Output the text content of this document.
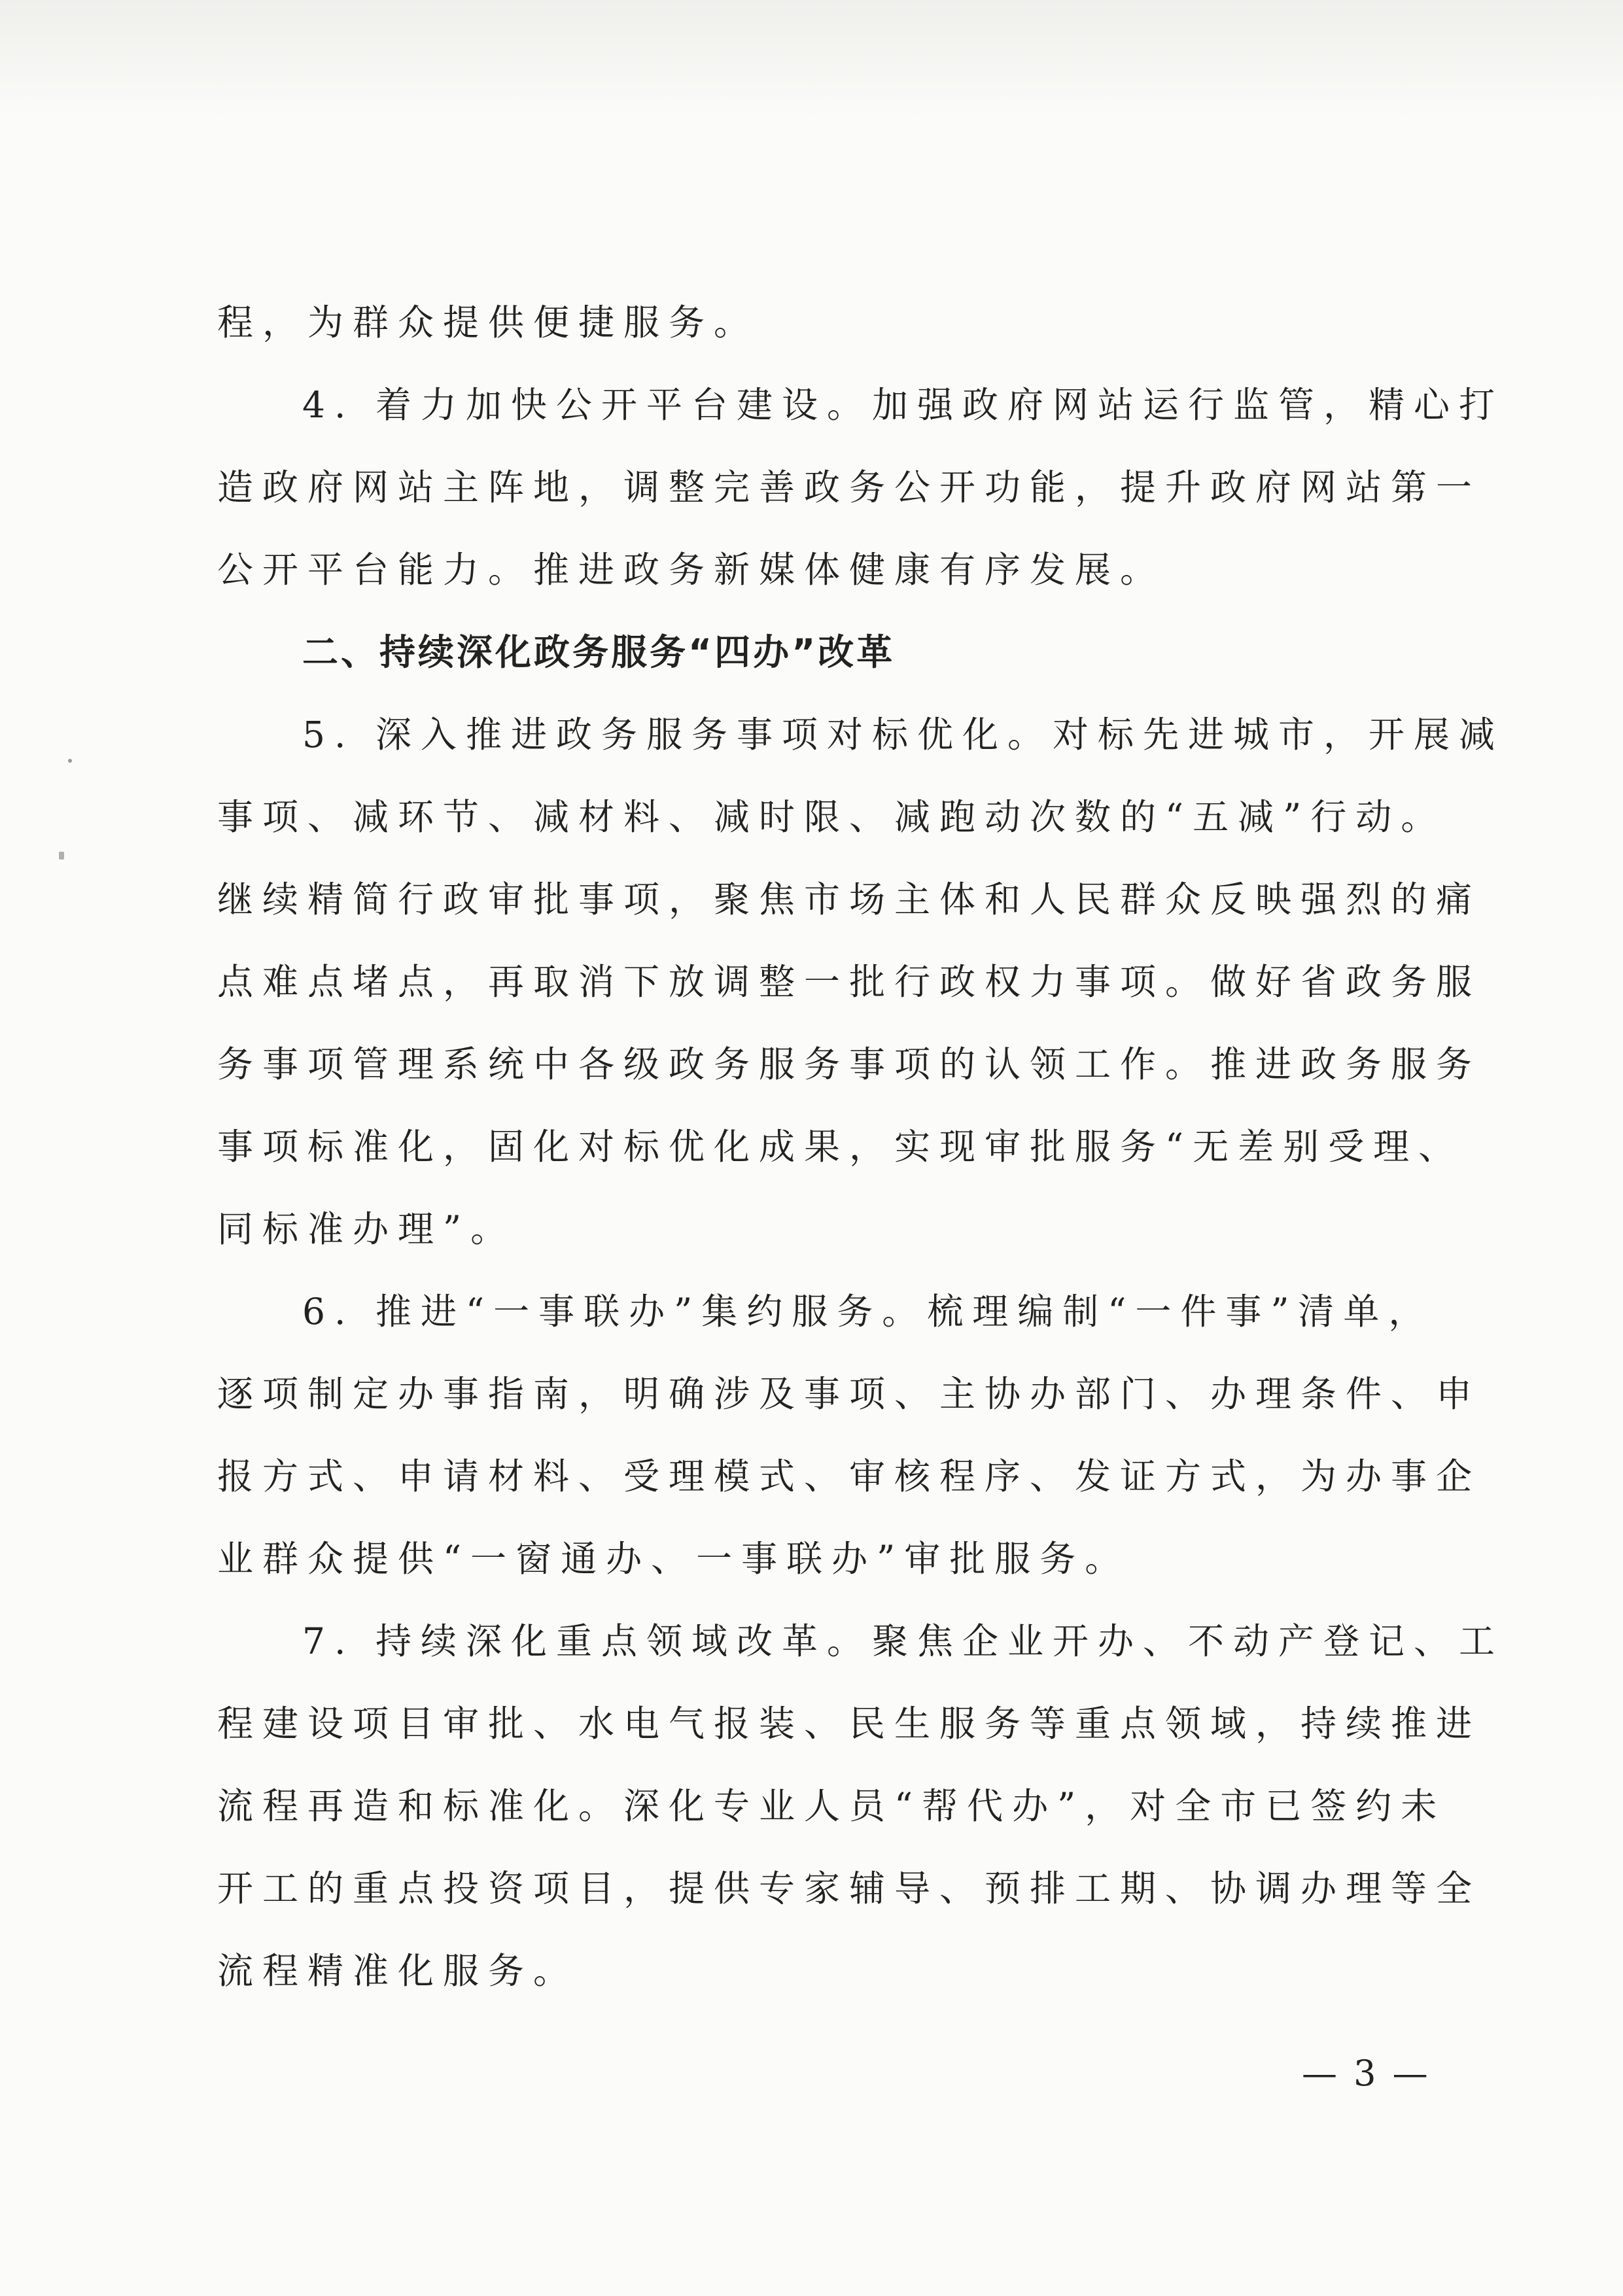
程，为群众提供便捷服务。
4. 着力加快公开平台建设。加强政府网站运行监管，精心打
造政府网站主阵地，调整完善政务公开功能，提升政府网站第一
公开平台能力。推进政务新媒体健康有序发展。
二、持续深化政务服务“四办”改革
5. 深入推进政务服务事项对标优化。对标先进城市，开展减
事项、减环节、减材料、减时限、减跑动次数的“五减”行动。
继续精简行政审批事项，聚焦市场主体和人民群众反映强烈的痛
点难点堵点，再取消下放调整一批行政权力事项。做好省政务服
务事项管理系统中各级政务服务事项的认领工作。推进政务服务
事项标准化，固化对标优化成果，实现审批服务“无差别受理、
同标准办理”。
6. 推进“一事联办”集约服务。梳理编制“一件事”清单，
逐项制定办事指南，明确涉及事项、主协办部门、办理条件、申
报方式、申请材料、受理模式、审核程序、发证方式，为办事企
业群众提供“一窗通办、一事联办”审批服务。
7. 持续深化重点领域改革。聚焦企业开办、不动产登记、工
程建设项目审批、水电气报装、民生服务等重点领域，持续推进
流程再造和标准化。深化专业人员“帮代办”，对全市已签约未
开工的重点投资项目，提供专家辅导、预排工期、协调办理等全
流程精准化服务。
— 3 —
